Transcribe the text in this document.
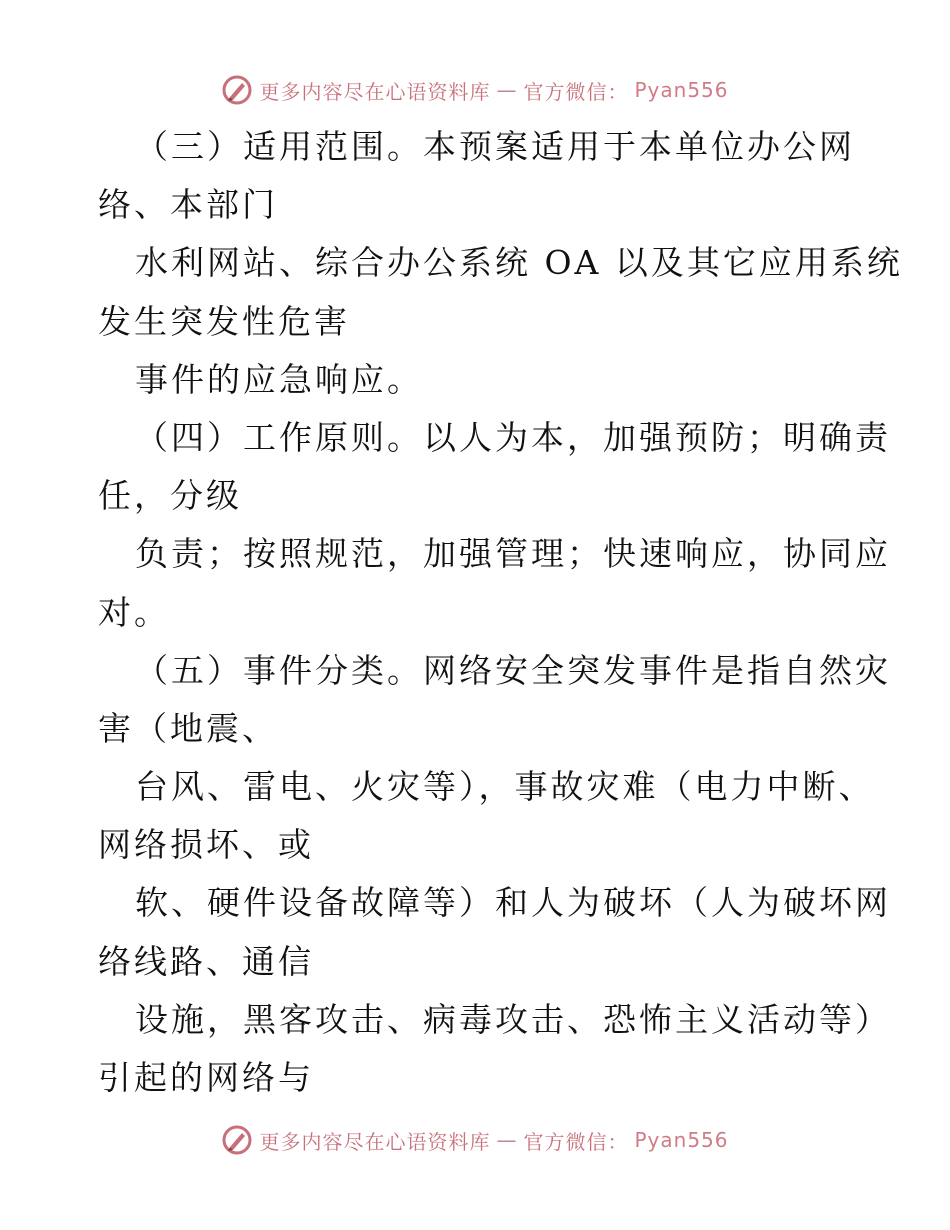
更多内容尽在心语资料库 — 官方微信： Pyan556
（三）适用范围。本预案适用于本单位办公网
络、本部门
水利网站、综合办公系统 OA 以及其它应用系统
发生突发性危害
事件的应急响应。
（四）工作原则。以人为本，加强预防；明确责
任，分级
负责；按照规范，加强管理；快速响应，协同应
对。
（五）事件分类。网络安全突发事件是指自然灾
害（地震、
台风、雷电、火灾等），事故灾难（电力中断、
网络损坏、或
软、硬件设备故障等）和人为破坏（人为破坏网
络线路、通信
设施，黑客攻击、病毒攻击、恐怖主义活动等）
引起的网络与
更多内容尽在心语资料库 — 官方微信： Pyan556
